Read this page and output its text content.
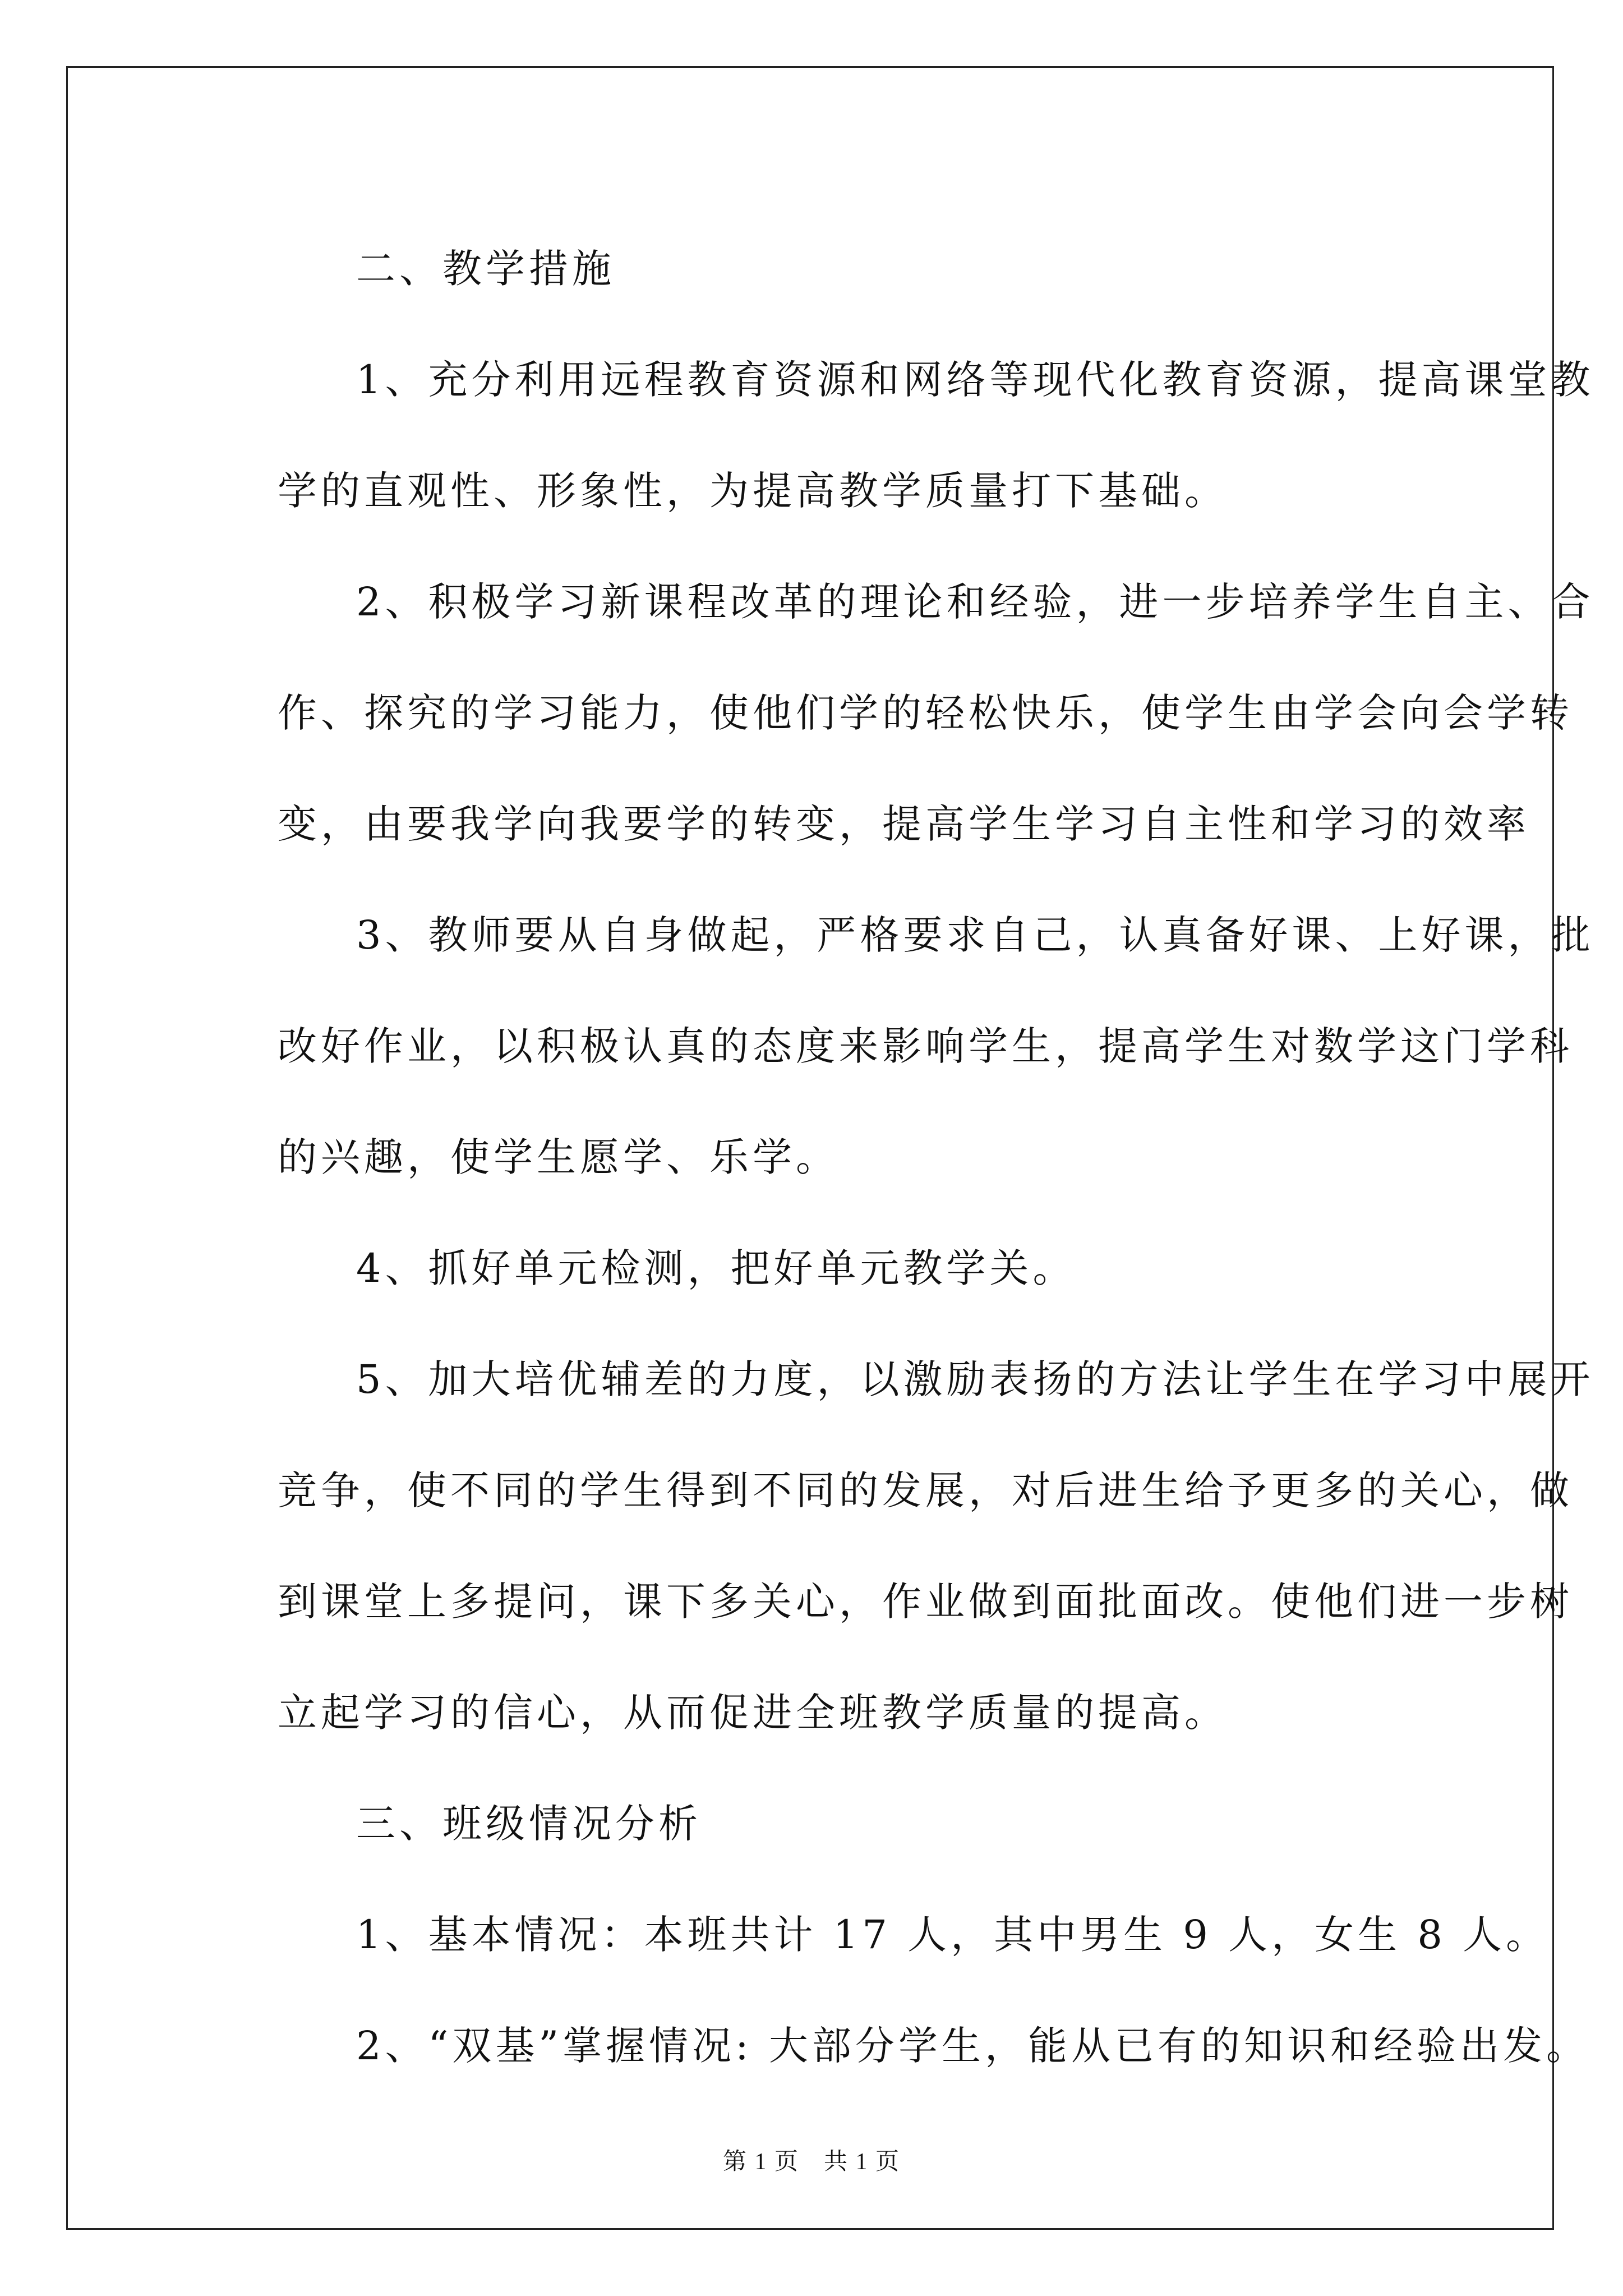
二、教学措施
1、充分利用远程教育资源和网络等现代化教育资源，提高课堂教
学的直观性、形象性，为提高教学质量打下基础。
2、积极学习新课程改革的理论和经验，进一步培养学生自主、合
作、探究的学习能力，使他们学的轻松快乐，使学生由学会向会学转
变，由要我学向我要学的转变，提高学生学习自主性和学习的效率
3、教师要从自身做起，严格要求自己，认真备好课、上好课，批
改好作业，以积极认真的态度来影响学生，提高学生对数学这门学科
的兴趣，使学生愿学、乐学。
4、抓好单元检测，把好单元教学关。
5、加大培优辅差的力度，以激励表扬的方法让学生在学习中展开
竞争，使不同的学生得到不同的发展，对后进生给予更多的关心，做
到课堂上多提问，课下多关心，作业做到面批面改。使他们进一步树
立起学习的信心，从而促进全班教学质量的提高。
三、班级情况分析
1、基本情况：本班共计 17 人，其中男生 9 人，女生 8 人。
2、“双基”掌握情况: 大部分学生，能从已有的知识和经验出发。
第 1 页　共 1 页
